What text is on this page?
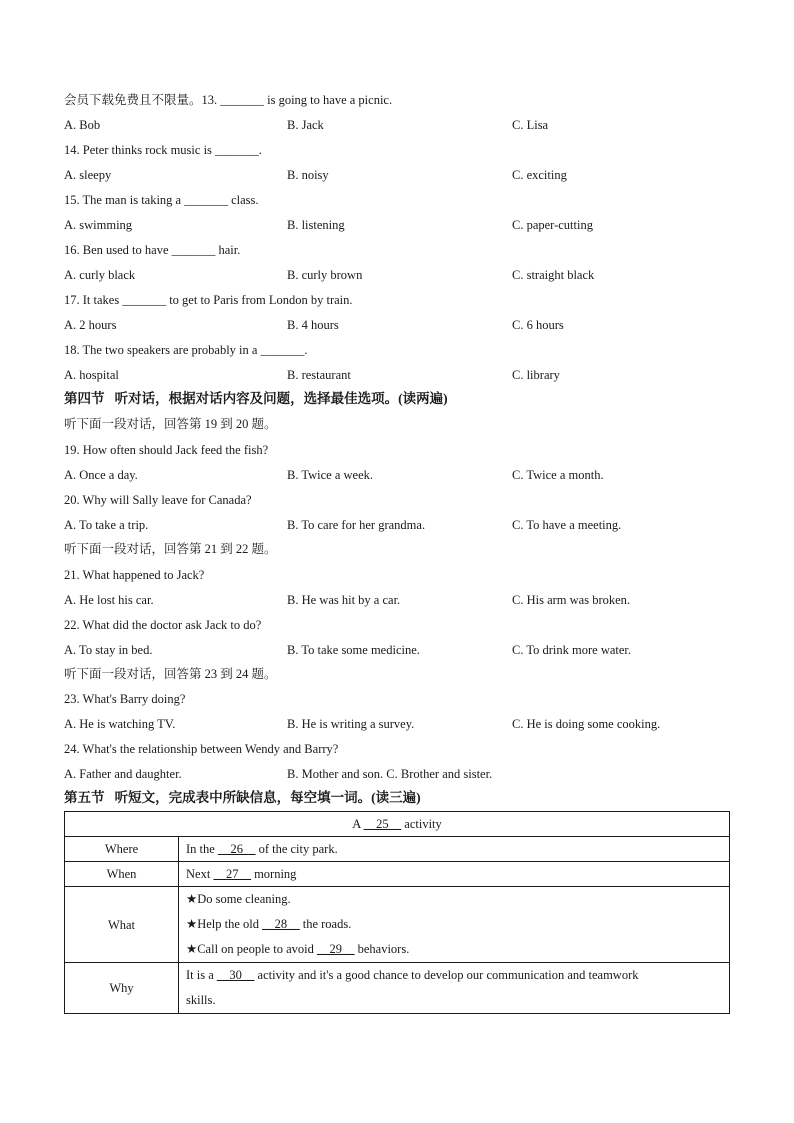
会员下载免费且不限量。13. _______ is going to have a picnic.
A. Bob	B. Jack	C. Lisa
14. Peter thinks rock music is _______.
A. sleepy	B. noisy	C. exciting
15. The man is taking a _______ class.
A. swimming	B. listening	C. paper-cutting
16. Ben used to have _______ hair.
A. curly black	B. curly brown	C. straight black
17. It takes _______ to get to Paris from London by train.
A. 2 hours	B. 4 hours	C. 6 hours
18. The two speakers are probably in a _______.
A. hospital	B. restaurant	C. library
第四节   听对话，根据对话内容及问题，选择最佳选项。(读两遍)
听下面一段对话，回答第 19 到 20 题。
19. How often should Jack feed the fish?
A. Once a day.	B. Twice a week.	C. Twice a month.
20. Why will Sally leave for Canada?
A. To take a trip.	B. To care for her grandma.	C. To have a meeting.
听下面一段对话，回答第 21 到 22 题。
21. What happened to Jack?
A. He lost his car.	B. He was hit by a car.	C. His arm was broken.
22. What did the doctor ask Jack to do?
A. To stay in bed.	B. To take some medicine.	C. To drink more water.
听下面一段对话，回答第 23 到 24 题。
23. What's Barry doing?
A. He is watching TV.	B. He is writing a survey.	C. He is doing some cooking.
24. What's the relationship between Wendy and Barry?
A. Father and daughter.	B. Mother and son. C. Brother and sister.
第五节   听短文，完成表中所缺信息，每空填一词。(读三遍)
A __25__ activity	
Where	In the __26__ of the city park.
When	Next __27__ morning
What	★Do some cleaning.
★Help the old __28__ the roads.
★Call on people to avoid __29__ behaviors.

Why	It is a __30__ activity and it's a good chance to develop our communication and teamwork
skills.
